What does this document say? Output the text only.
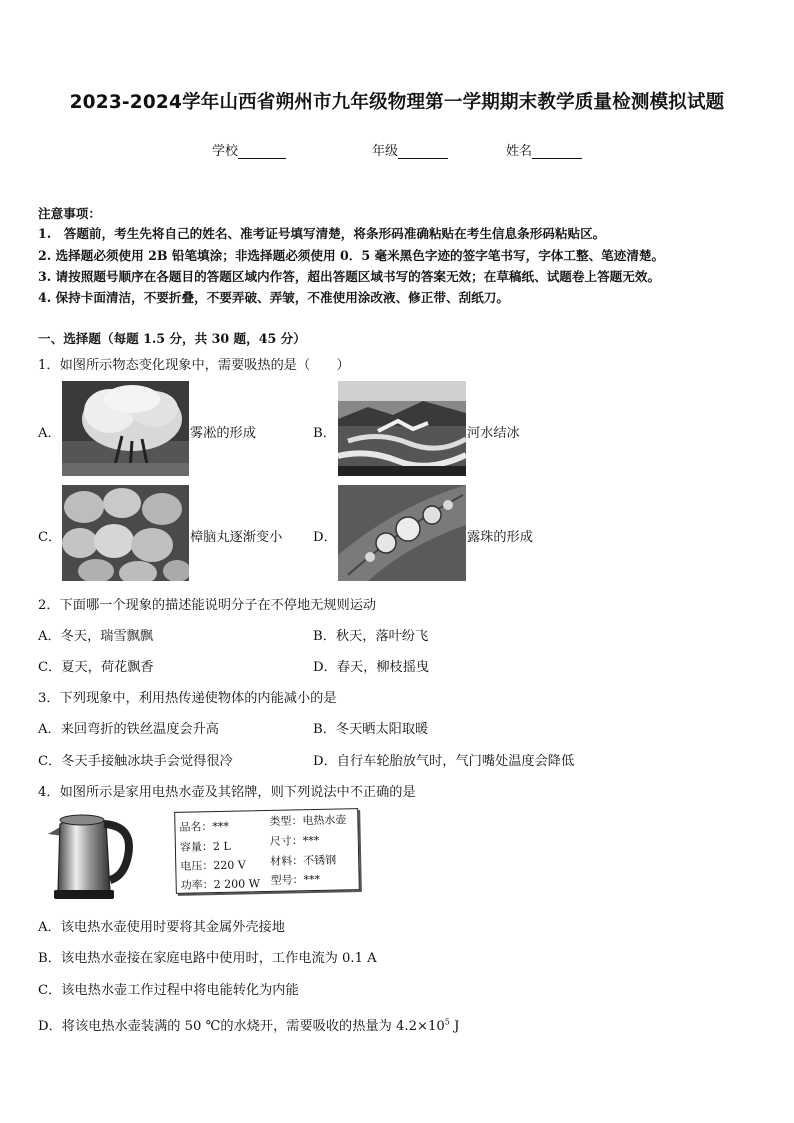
2023-2024学年山西省朔州市九年级物理第一学期期末教学质量检测模拟试题
学校	年级	姓名
注意事项：
1.　答题前，考生先将自己的姓名、准考证号填写清楚，将条形码准确粘贴在考生信息条形码粘贴区。
2. 选择题必须使用 2B 铅笔填涂；非选择题必须使用 0．5 毫米黑色字迹的签字笔书写，字体工整、笔迹清楚。
3. 请按照题号顺序在各题目的答题区域内作答，超出答题区域书写的答案无效；在草稿纸、试题卷上答题无效。
4. 保持卡面清洁，不要折叠，不要弄破、弄皱，不准使用涂改液、修正带、刮纸刀。
一、选择题（每题 1.5 分，共 30 题，45 分）
1．如图所示物态变化现象中，需要吸热的是（　　）
A．	雾凇的形成	B．	河水结冰
C．	樟脑丸逐渐变小 D．	露珠的形成
2．下面哪一个现象的描述能说明分子在不停地无规则运动
A．冬天，瑞雪飘飘	B．秋天，落叶纷飞
C．夏天，荷花飘香	D．春天，柳枝摇曳
3．下列现象中，利用热传递使物体的内能减小的是
A．来回弯折的铁丝温度会升高	B．冬天晒太阳取暖
C．冬天手接触冰块手会觉得很冷	D．自行车轮胎放气时，气门嘴处温度会降低
4．如图所示是家用电热水壶及其铭牌，则下列说法中不正确的是
品名：***	类型：电热水壶
容量：2 L	尺寸：***
电压：220 V 材料：不锈钢
功率：2 200 W 型号：***
A．该电热水壶使用时要将其金属外壳接地
B．该电热水壶接在家庭电路中使用时，工作电流为 0.1 A
C．该电热水壶工作过程中将电能转化为内能
D．将该电热水壶装满的 50 ℃的水烧开，需要吸收的热量为 $4.2\times 10^5$ J
